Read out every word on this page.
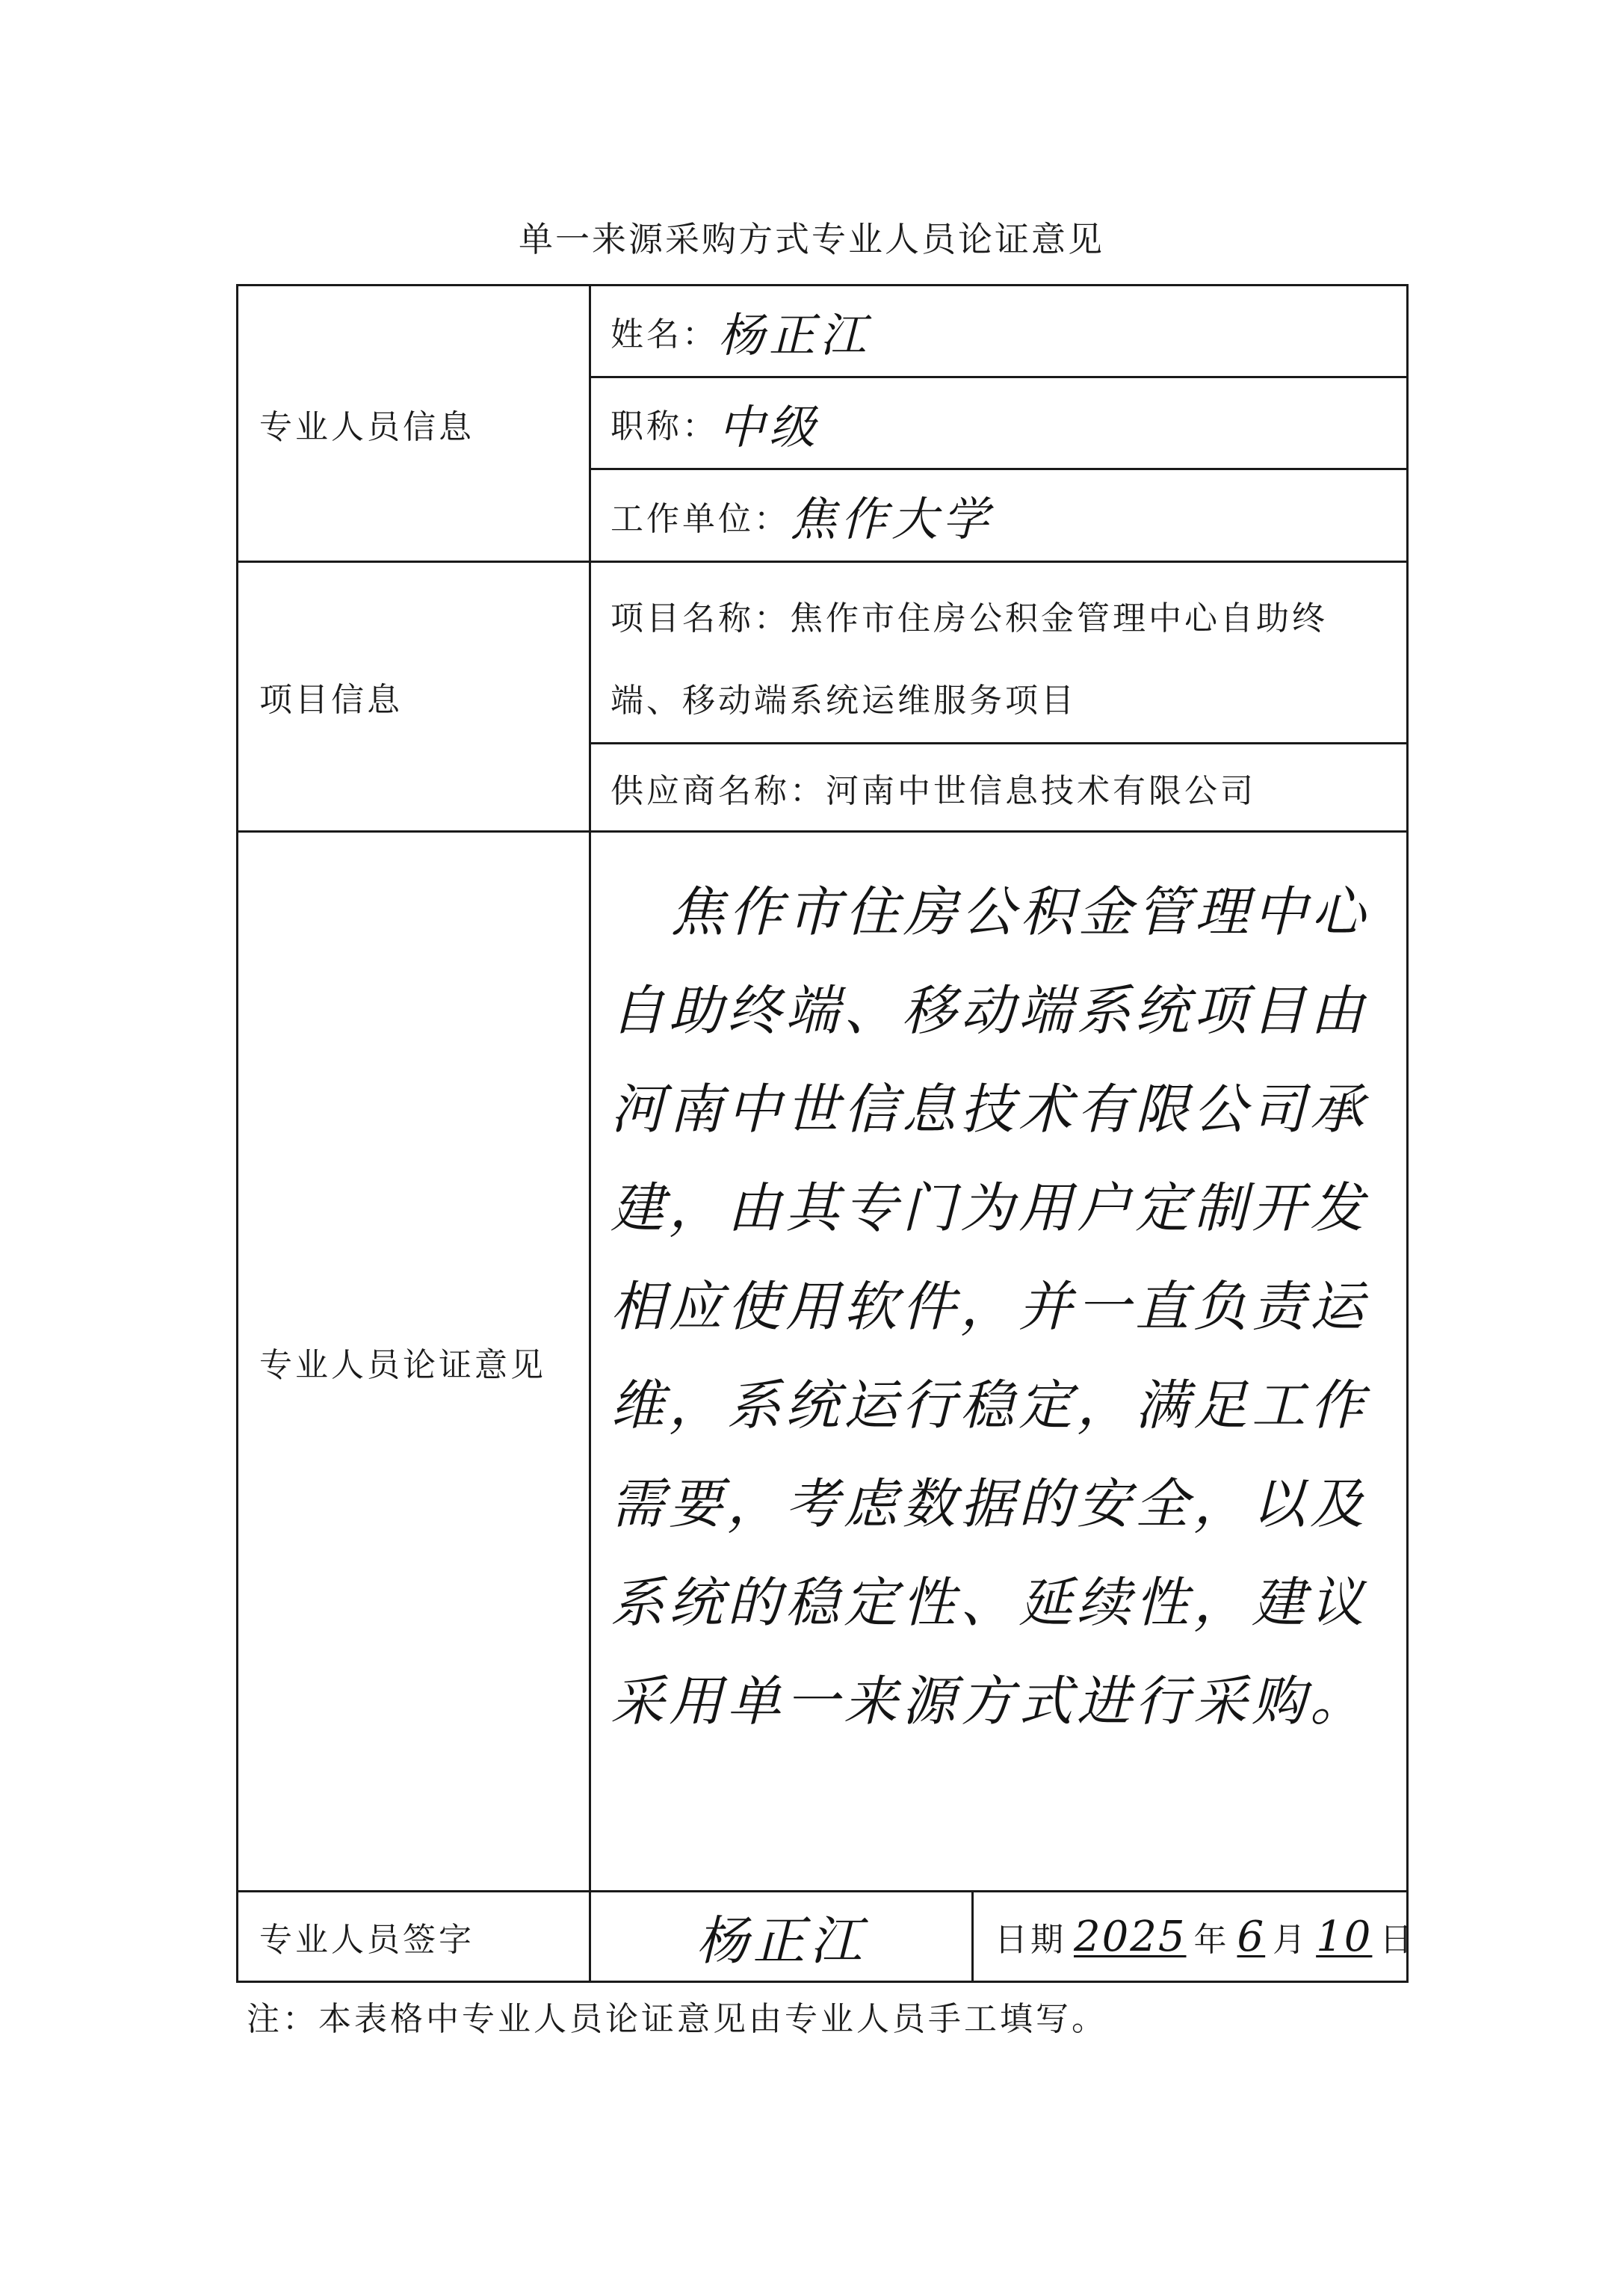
单一来源采购方式专业人员论证意见
专业人员信息	姓名： 杨正江	

	职称： 中级	

	工作单位： 焦作大学	

项目信息	项目名称：焦作市住房公积金管理中心自助终端、移动端系统运维服务项目	

	供应商名称： 河南中世信息技术有限公司	

专业人员论证意见	焦作市住房公积金管理中心自助终端、移动端系统项目由河南中世信息技术有限公司承建，由其专门为用户定制开发相应使用软件，并一直负责运维，系统运行稳定，满足工作需要，考虑数据的安全，以及系统的稳定性、延续性，建议采用单一来源方式进行采购。	

专业人员签字	杨正江	日期 2025 年 6 月 10 日
注：本表格中专业人员论证意见由专业人员手工填写。
